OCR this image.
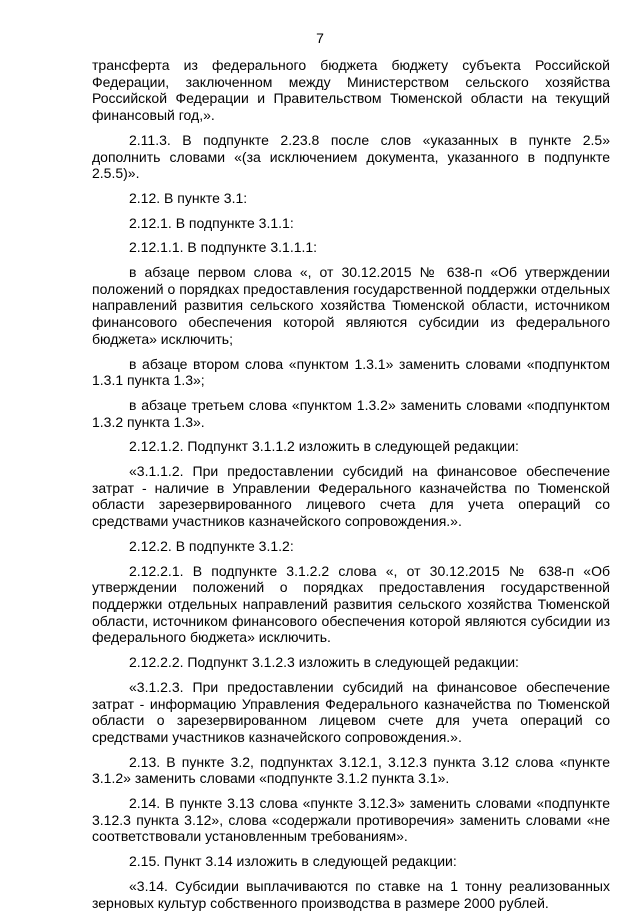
7

трансферта из федерального бюджета бюджету субъекта Российской Федерации, заключенном между Министерством сельского хозяйства Российской Федерации и Правительством Тюменской области на текущий финансовый год,».

2.11.3. В подпункте 2.23.8 после слов «указанных в пункте 2.5» дополнить словами «(за исключением документа, указанного в подпункте 2.5.5)».

2.12. В пункте 3.1:

2.12.1. В подпункте 3.1.1:

2.12.1.1. В подпункте 3.1.1.1:

в абзаце первом слова «, от 30.12.2015 № 638-п «Об утверждении положений о порядках предоставления государственной поддержки отдельных направлений развития сельского хозяйства Тюменской области, источником финансового обеспечения которой являются субсидии из федерального бюджета» исключить;

в абзаце втором слова «пунктом 1.3.1» заменить словами «подпунктом 1.3.1 пункта 1.3»;

в абзаце третьем слова «пунктом 1.3.2» заменить словами «подпунктом 1.3.2 пункта 1.3».

2.12.1.2. Подпункт 3.1.1.2 изложить в следующей редакции:

«3.1.1.2. При предоставлении субсидий на финансовое обеспечение затрат - наличие в Управлении Федерального казначейства по Тюменской области зарезервированного лицевого счета для учета операций со средствами участников казначейского сопровождения.».

2.12.2. В подпункте 3.1.2:

2.12.2.1. В подпункте 3.1.2.2 слова «, от 30.12.2015 № 638-п «Об утверждении положений о порядках предоставления государственной поддержки отдельных направлений развития сельского хозяйства Тюменской области, источником финансового обеспечения которой являются субсидии из федерального бюджета» исключить.

2.12.2.2. Подпункт 3.1.2.3 изложить в следующей редакции:

«3.1.2.3. При предоставлении субсидий на финансовое обеспечение затрат - информацию Управления Федерального казначейства по Тюменской области о зарезервированном лицевом счете для учета операций со средствами участников казначейского сопровождения.».

2.13. В пункте 3.2, подпунктах 3.12.1, 3.12.3 пункта 3.12 слова «пункте 3.1.2» заменить словами «подпункте 3.1.2 пункта 3.1».

2.14. В пункте 3.13 слова «пункте 3.12.3» заменить словами «подпункте 3.12.3 пункта 3.12», слова «содержали противоречия» заменить словами «не соответствовали установленным требованиям».

2.15. Пункт 3.14 изложить в следующей редакции:

«3.14. Субсидии выплачиваются по ставке на 1 тонну реализованных зерновых культур собственного производства в размере 2000 рублей.
